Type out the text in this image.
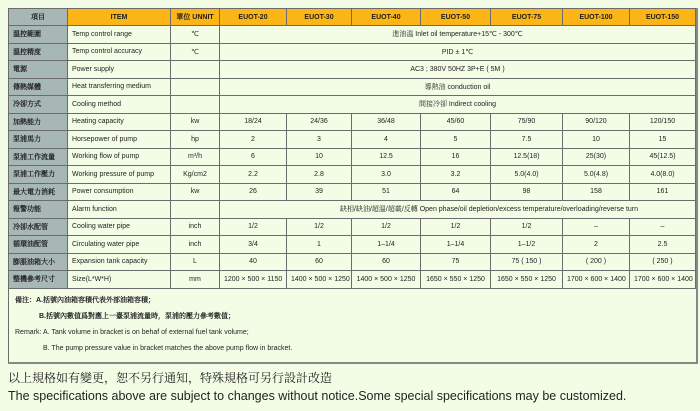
項目	ITEM	單位 UNNIT	EUOT-20	EUOT-30	EUOT-40	EUOT-50	EUOT-75	EUOT-100	EUOT-150
溫控範圍	Temp control range	℃	進油溫 Inlet oil temperature+15℃ - 300℃						
溫控精度	Temp control accuracy	℃	PID ± 1℃						
電源	Power supply		AC3 ; 380V 50HZ 3P+E ( 5M )						
傳熱媒體	Heat transferring medium		導熱油 conduction oil						
冷卻方式	Cooling method		間接冷卻 Indirect cooling						
加熱能力	Heating capacity	kw	18/24	24/36	36/48	45/60	75/90	90/120	120/150
泵浦馬力	Horsepower of pump	hp	2	3	4	5	7.5	10	15
泵浦工作流量	Working flow of pump	m³/h	6	10	12.5	16	12.5(18)	25(30)	45(12.5)
泵浦工作壓力	Working pressure of pump	Kg/cm2	2.2	2.8	3.0	3.2	5.0(4.0)	5.0(4.8)	4.0(8.0)
最大電力消耗	Power consumption	kw	26	39	51	64	98	158	161
報警功能	Alarm function		缺相/缺油/超溫/超載/反轉 Open phase/oil depletion/excess temperature/overloading/reverse turn						
冷卻水配管	Cooling water pipe	inch	1/2	1/2	1/2	1/2	1/2	–	–
循環油配管	Circulating water pipe	inch	3/4	1	1–1/4	1–1/4	1–1/2	2	2.5
膨脹油箱大小	Expansion tank capacity	L	40	60	60	75	75 ( 150 )	( 200 )	( 250 )
整機參考尺寸	Size(L*W*H)	mm	1200 × 500 × 1150	1400 × 500 × 1250	1400 × 500 × 1250	1650 × 550 × 1250	1650 × 550 × 1250	1700 × 600 × 1400	1700 × 600 × 1400
備注：A.括號內油箱容積代表外部油箱容積；
B.括號內數值爲對應上一臺泵浦流量時，泵浦的壓力參考數值；
Remark: A. Tank volume in bracket is on behaf of external fuel tank volume;
B. The pump pressure value in bracket matches the above pump flow in bracket.
以上規格如有變更，恕不另行通知，特殊規格可另行設計改造
The specifications above are subject to changes without notice.Some special specifications may be customized.
